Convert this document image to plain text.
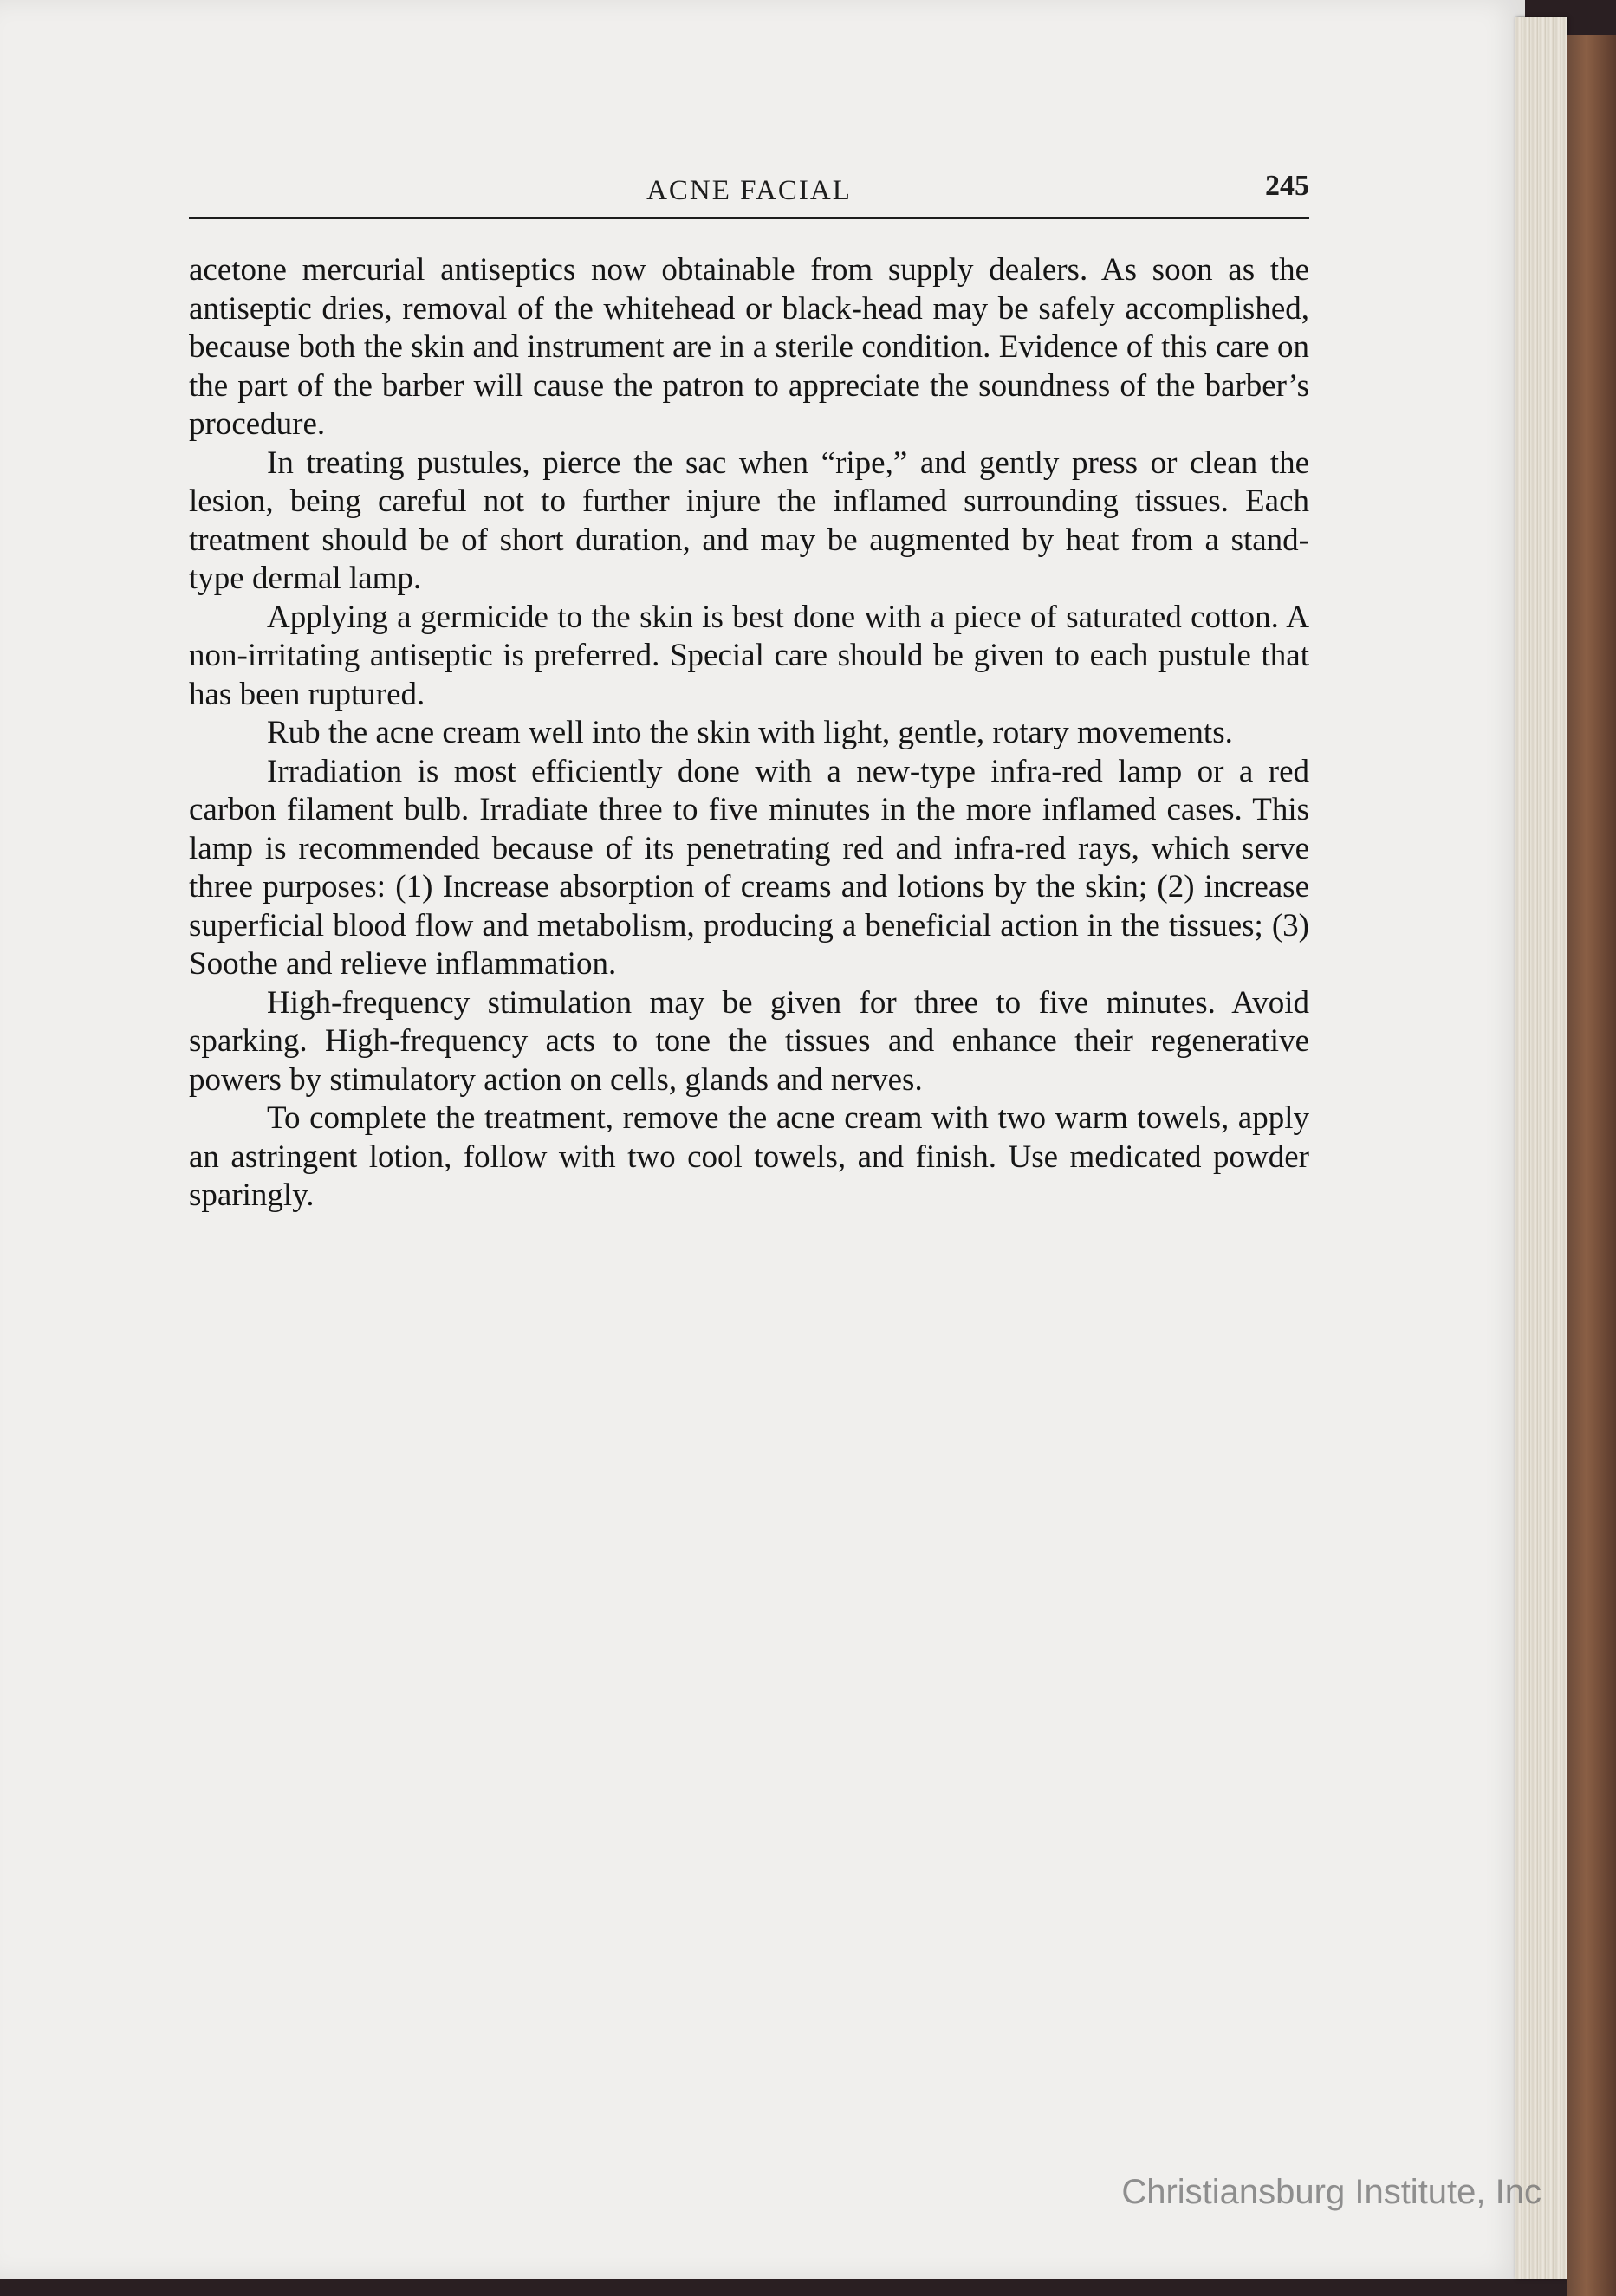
ACNE FACIAL	245

acetone mercurial antiseptics now obtainable from supply dealers. As soon as the antiseptic dries, removal of the whitehead or black-head may be safely accomplished, because both the skin and instrument are in a sterile condition. Evidence of this care on the part of the barber will cause the patron to appreciate the soundness of the barber’s procedure.

In treating pustules, pierce the sac when “ripe,” and gently press or clean the lesion, being careful not to further injure the inflamed surrounding tissues. Each treatment should be of short duration, and may be augmented by heat from a stand-type dermal lamp.

Applying a germicide to the skin is best done with a piece of saturated cotton. A non-irritating antiseptic is preferred. Special care should be given to each pustule that has been ruptured.

Rub the acne cream well into the skin with light, gentle, rotary movements.

Irradiation is most efficiently done with a new-type infra-red lamp or a red carbon filament bulb. Irradiate three to five minutes in the more inflamed cases. This lamp is recommended because of its penetrating red and infra-red rays, which serve three purposes: (1) Increase absorption of creams and lotions by the skin; (2) increase superficial blood flow and metabolism, producing a beneficial action in the tissues; (3) Soothe and relieve inflammation.

High-frequency stimulation may be given for three to five minutes. Avoid sparking. High-frequency acts to tone the tissues and enhance their regenerative powers by stimulatory action on cells, glands and nerves.

To complete the treatment, remove the acne cream with two warm towels, apply an astringent lotion, follow with two cool towels, and finish. Use medicated powder sparingly.

Christiansburg Institute, Inc
